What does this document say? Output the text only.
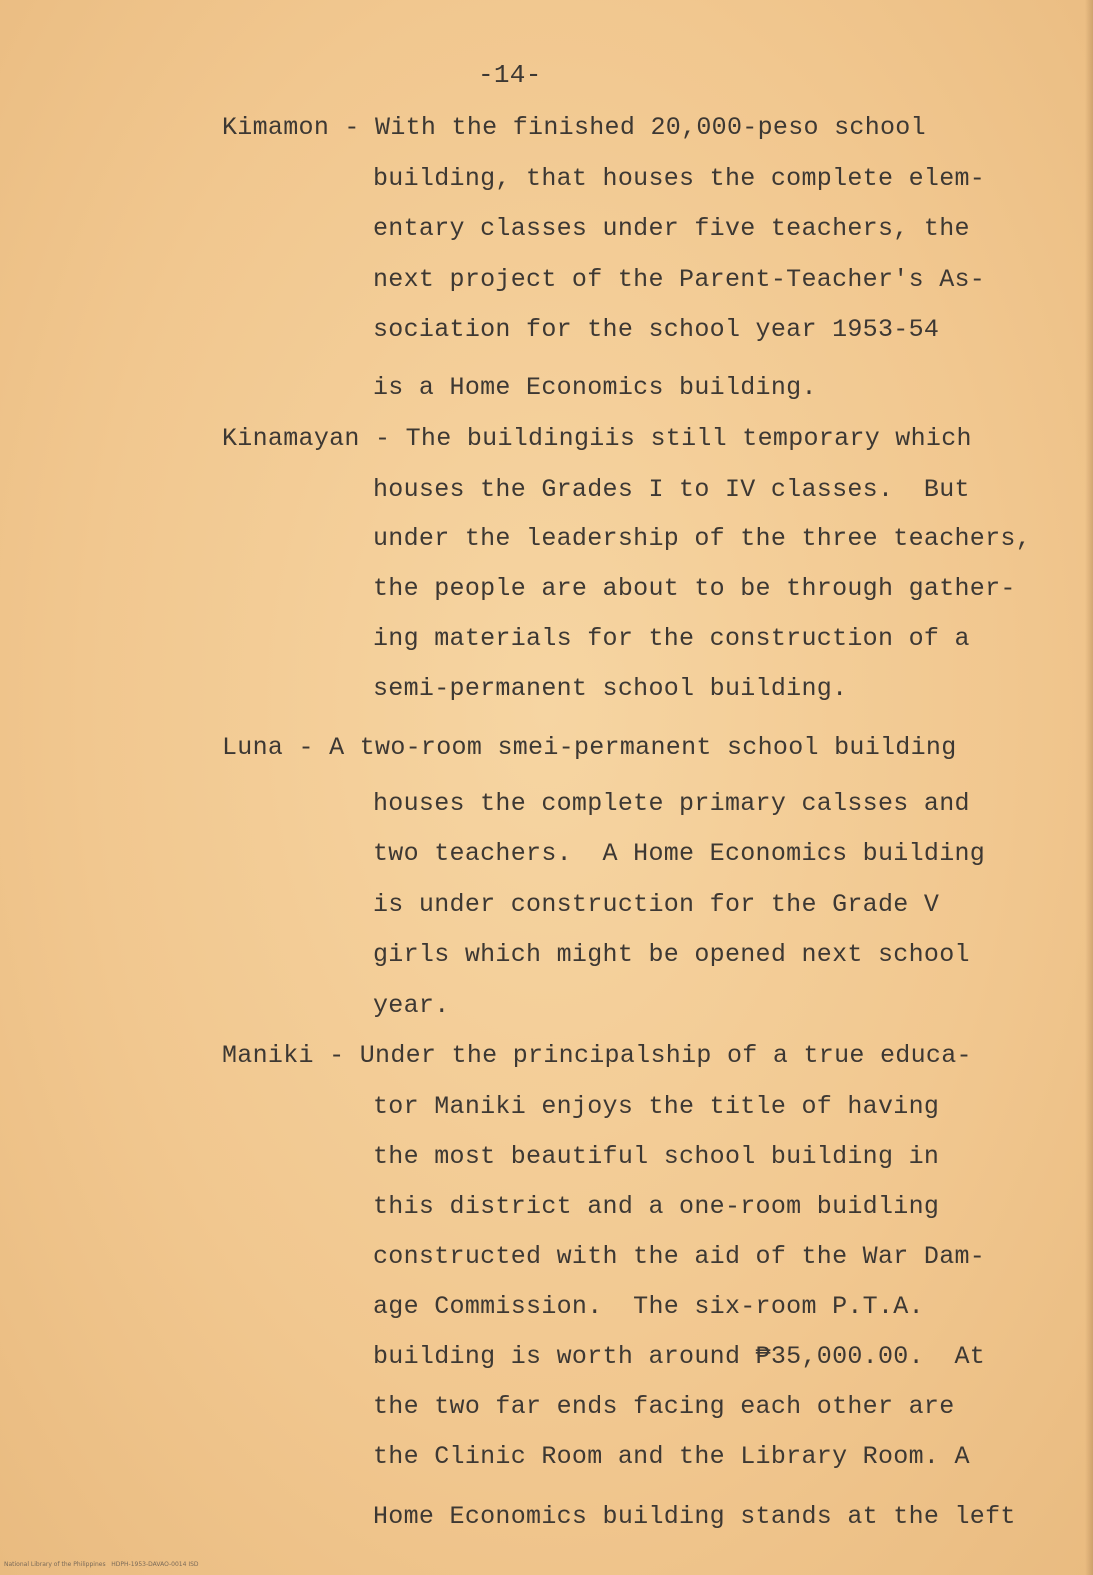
-14-
Kimamon - With the finished 20,000-peso school
building, that houses the complete elem-
entary classes under five teachers, the
next project of the Parent-Teacher's As-
sociation for the school year 1953-54
is a Home Economics building.
Kinamayan - The buildingiis still temporary which
houses the Grades I to IV classes.  But
under the leadership of the three teachers,
the people are about to be through gather-
ing materials for the construction of a
semi-permanent school building.
Luna - A two-room smei-permanent school building
houses the complete primary calsses and
two teachers.  A Home Economics building
is under construction for the Grade V
girls which might be opened next school
year.
Maniki - Under the principalship of a true educa-
tor Maniki enjoys the title of having
the most beautiful school building in
this district and a one-room buidling
constructed with the aid of the War Dam-
age Commission.  The six-room P.T.A.
building is worth around ₱35,000.00.  At
the two far ends facing each other are
the Clinic Room and the Library Room. A
Home Economics building stands at the left
National Library of the Philippines   HDPH-1953-DAVAO-0014 ISD
